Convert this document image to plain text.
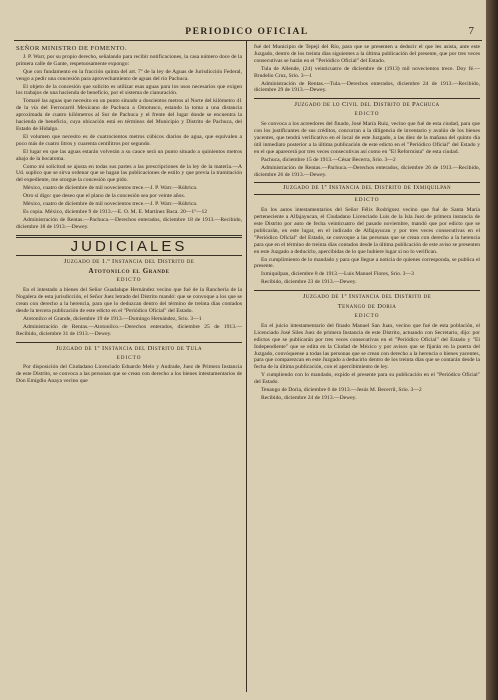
PERIODICO OFICIAL	7

SEÑOR MINISTRO DE FOMENTO.

J. P. Warr, por su propio derecho, señalando para recibir notificaciones, la casa número doce de la primera calle de Gante, respetuosamente expongo:

Que con fundamento en la fracción quinta del art. 7º de la ley de Aguas de Jurisdicción Federal, vengo a pedir una concesión para aprovechamiento de aguas del río Pachuca.

El objeto de la concesión que solicito es utilizar esas aguas para los usos necesarios que exigen los trabajos de una hacienda de beneficio, por el sistema de cianuración.

Tomaré las aguas que necesito en un punto situado a doscientos metros al Norte del kilómetro 41 de la vía del Ferrocarril Mexicano de Pachuca a Omotusco, estando la toma a una distancia aproximada de cuatro kilómetros al Sur de Pachuca y el frente del lugar donde se encuentra la hacienda de beneficio, cuya ubicación está en términos del Municipio y Distrito de Pachuca, del Estado de Hidalgo.

El volumen que necesito es de cuatrocientos metros cúbicos diarios de agua, que equivalen a poco más de cuatro litros y cuarenta centilitros por segundo.

El lugar en que las aguas estarán volverán a su cauce será un punto situado a quinientos metros abajo de la bocatoma.

Como mi solicitud se ajusta en todas sus partes a las prescripciones de la ley de la materia.—A Ud. suplico que se sirva ordenar que se hagan las publicaciones de estilo y que previa la tramitación del expediente, me otorgue la concesión que pido.

México, cuatro de diciembre de mil novecientos trece.—J. P. Warr.—Rúbrica.

Otro sí digo: que deseo que el plano de la concesión sea por veinte años.

México, cuatro de diciembre de mil novecientos trece.—J. P. Warr.—Rúbrica.

Es copia. México, diciembre 9 de 1913.—E. O. M. E. Martínez Baca. 20—1º—12

Administración de Rentas.—Pachuca.—Derechos enterados, diciembre 18 de 1913.—Recibido, diciembre 18 de 1913.—Dewey.

JUDICIALES
Juzgado de 1.º Instancia del Distrito de
Atotonilco el Grande
EDICTO

En el intestado a bienes del Señor Guadalupe Hernández vecino que fué de la Ranchería de la Nogalera de esta jurisdicción, el Señor Juez letrado del Distrito mandó: que se convoque a los que se crean con derecho a la herencia, para que lo deduzcan dentro del término de treinta días contados desde la tercera publicación de este edicto en el "Periódico Oficial" del Estado.

Atotonilco el Grande, diciembre 19 de 1913.—Domingo Hernández, Srio. 3—1

Administración de Rentas.—Atotonilco.—Derechos enterados, diciembre 25 de 1913.—Recibido, diciembre 31 de 1913.—Dewey.

Juzgado de 1ª Instancia del Distrito de Tula
EDICTO

Por disposición del Ciudadano Licenciado Eduardo Melo y Andrade, Juez de Primera Instancia de este Distrito, se convoca a las personas que se crean con derecho a los bienes intestamentarios de Don Emigdio Anaya vecino que

fué del Municipio de Tepeji del Río, para que se presenten a deducir el que les asista, ante este Juzgado, dentro de los treinta días siguientes a la última publicación del presente, que por tres veces consecutivas se harán en el "Periódico Oficial" del Estado.

Tula de Allende, (24) veinticuatro de diciembre de (1913) mil novecientos trece. Doy fé.—Brudelio Cruz, Srio. 3—1

Administración de Rentas.—Tula.—Derechos enterados, diciembre 24 de 1913.—Recibido, diciembre 29 de 1913.—Dewey.

Juzgado de lo Civil del Distrito de Pachuca
EDICTO

Se convoca a los acreedores del finado, José María Ruiz, vecino que fué de esta ciudad, para que con los justificantes de sus créditos, concurran a la diligencia de inventario y avalúo de los bienes yacentes, que tendrá verificativo en el local de este Juzgado, a las diez de la mañana del quinto día útil inmediato posterior a la última publicación de este edicto en el "Periódico Oficial" del Estado y en el que aparecerá por tres veces consecutivas así como en "El Reformista" de esta ciudad.

Pachuca, diciembre 15 de 1913.—César Becerra, Srio. 3—2

Administración de Rentas.—Pachuca.—Derechos enterados, diciembre 26 de 1913.—Recibido, diciembre 26 de 1913.—Dewey.

Juzgado de 1ª Instancia del Distrito de Ixmiquilpan
EDICTO

En los autos intestamentarios del Señor Félix Rodríguez vecino que fué de Santa María perteneciente a Alfajayucan, el Ciudadano Licenciado Luis de la Isla Juez de primera instancia de este Distrito por auto de fecha veinticuatro del pasado noviembre, mandó que por edicto que se publicarán, en este lugar, en el indicado de Alfajayucan y por tres veces consecutivas en el "Periódico Oficial" del Estado, se convoque a las personas que se crean con derecho a la herencia para que en el término de treinta días contados desde la última publicación de este aviso se presenten en este Juzgado a deducirlo, apercibidas de lo que hubiere lugar si no lo verifican.

En cumplimiento de lo mandado y para que llegue a noticia de quienes corresponda, se publica el presente.

Ixmiquilpan, diciembre 8 de 1913.—Luis Manuel Flores, Srio. 3—3

Recibido, diciembre 23 de 1913.—Dewey.

Juzgado de 1ª Instancia del Distrito de
Tenango de Doria
EDICTO

En el juicio intestamentario del finado Manuel San Juan, vecino que fué de esta población, el Licenciado José Siles Juez de primera Instancia de este Distrito, actuando con Secretario, dijo: por edictos que se publicarán por tres veces consecutivas en el "Periódico Oficial" del Estado y "El Independiente" que se edita en la Ciudad de México y por avisos que se fijarán en la puerta del Juzgado, convóquense a todas las personas que se crean con derecho a la herencia o bienes yacentes, para que comparezcan en este Juzgado a deducirlo dentro de los treinta días que se contarán desde la fecha de la última publicación, con el apercibimiento de ley.

Y cumpliendo con lo mandado, expido el presente para su publicación en el "Periódico Oficial" del Estado.

Tenango de Doria, diciembre 6 de 1913.—Jesús M. Becerril, Srio. 3—2

Recibido, diciembre 24 de 1913.—Dewey.
